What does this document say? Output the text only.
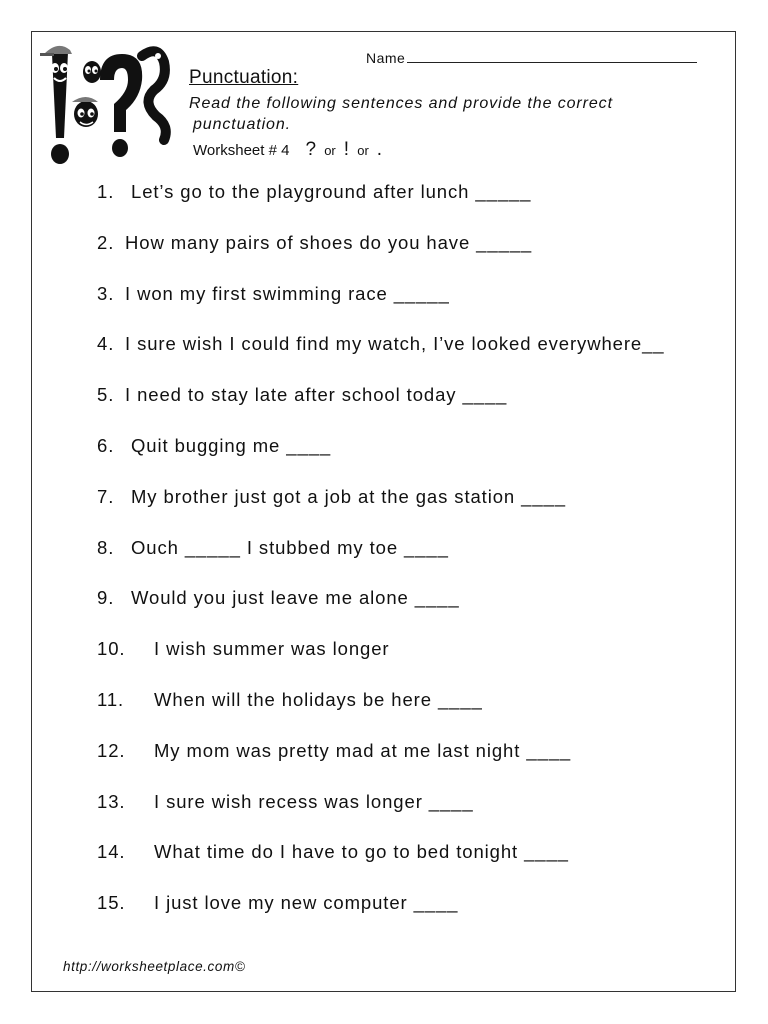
Name
Punctuation:
Read the following sentences and provide the correct
punctuation.
Worksheet # 4 ? or ! or .
1. Let’s go to the playground after lunch _____
2. How many pairs of shoes do you have _____
3. I won my first swimming race _____
4. I sure wish I could find my watch, I’ve looked everywhere__
5. I need to stay late after school today ____
6. Quit bugging me ____
7. My brother just got a job at the gas station ____
8. Ouch _____ I stubbed my toe ____
9. Would you just leave me alone ____
10. I wish summer was longer
11. When will the holidays be here ____
12. My mom was pretty mad at me last night ____
13. I sure wish recess was longer ____
14. What time do I have to go to bed tonight ____
15. I just love my new computer ____
http://worksheetplace.com©
